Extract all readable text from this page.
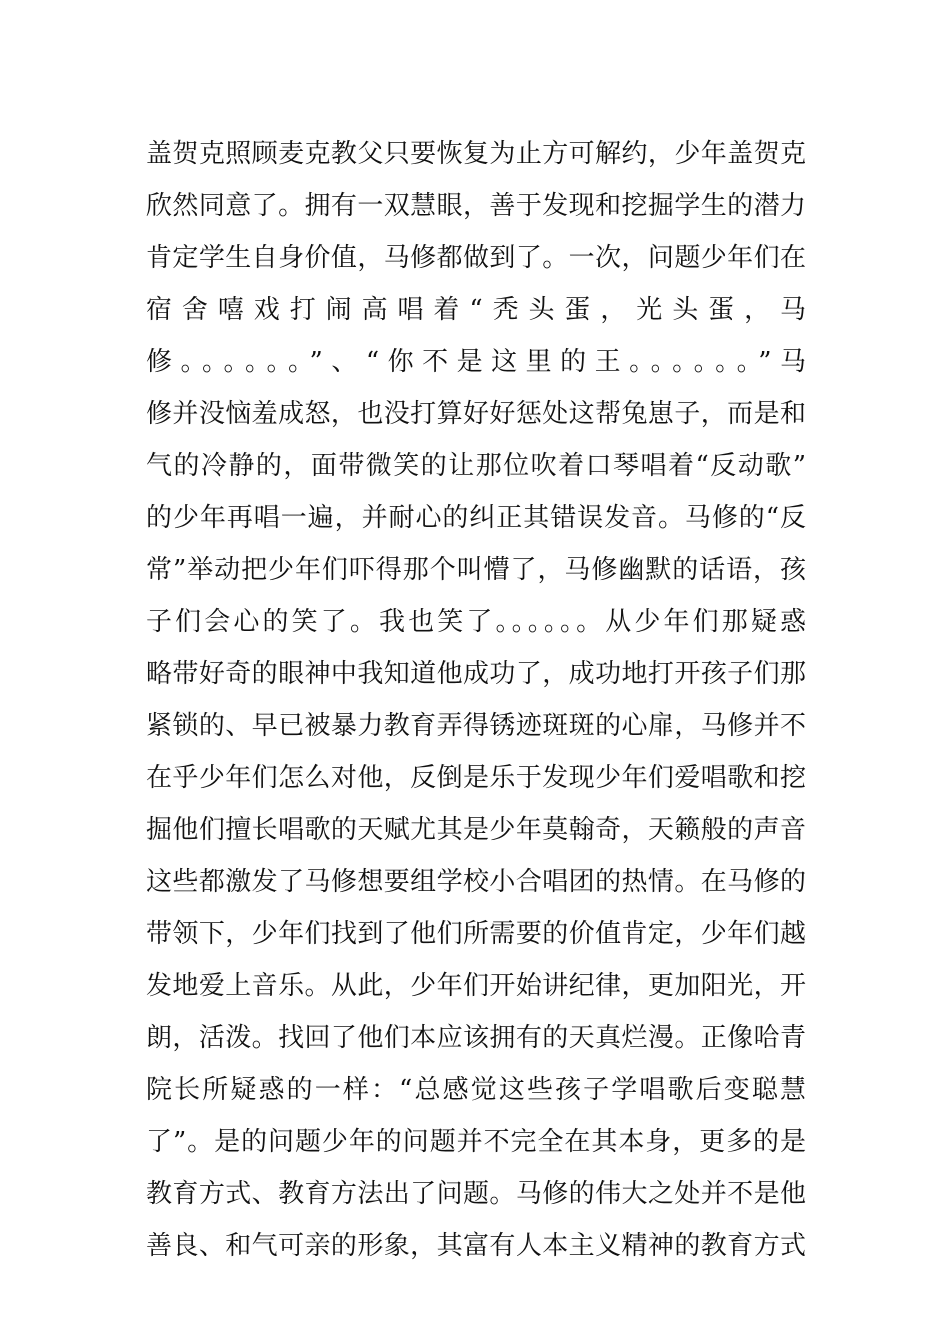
盖贺克照顾麦克教父只要恢复为止方可解约，少年盖贺克
欣然同意了。拥有一双慧眼，善于发现和挖掘学生的潜力
肯定学生自身价值，马修都做到了。一次，问题少年们在
宿舍嘻戏打闹高唱着“秃头蛋，光头蛋，马
修。。。。。。”、“你不是这里的王。。。。。。”马
修并没恼羞成怒，也没打算好好惩处这帮兔崽子，而是和
气的冷静的，面带微笑的让那位吹着口琴唱着“反动歌”
的少年再唱一遍，并耐心的纠正其错误发音。马修的“反
常”举动把少年们吓得那个叫懵了，马修幽默的话语，孩
子们会心的笑了。我也笑了。。。。。。从少年们那疑惑
略带好奇的眼神中我知道他成功了，成功地打开孩子们那
紧锁的、早已被暴力教育弄得锈迹斑斑的心扉，马修并不
在乎少年们怎么对他，反倒是乐于发现少年们爱唱歌和挖
掘他们擅长唱歌的天赋尤其是少年莫翰奇，天籁般的声音
这些都激发了马修想要组学校小合唱团的热情。在马修的
带领下，少年们找到了他们所需要的价值肯定，少年们越
发地爱上音乐。从此，少年们开始讲纪律，更加阳光，开
朗，活泼。找回了他们本应该拥有的天真烂漫。正像哈青
院长所疑惑的一样：“总感觉这些孩子学唱歌后变聪慧
了”。是的问题少年的问题并不完全在其本身，更多的是
教育方式、教育方法出了问题。马修的伟大之处并不是他
善良、和气可亲的形象，其富有人本主义精神的教育方式
